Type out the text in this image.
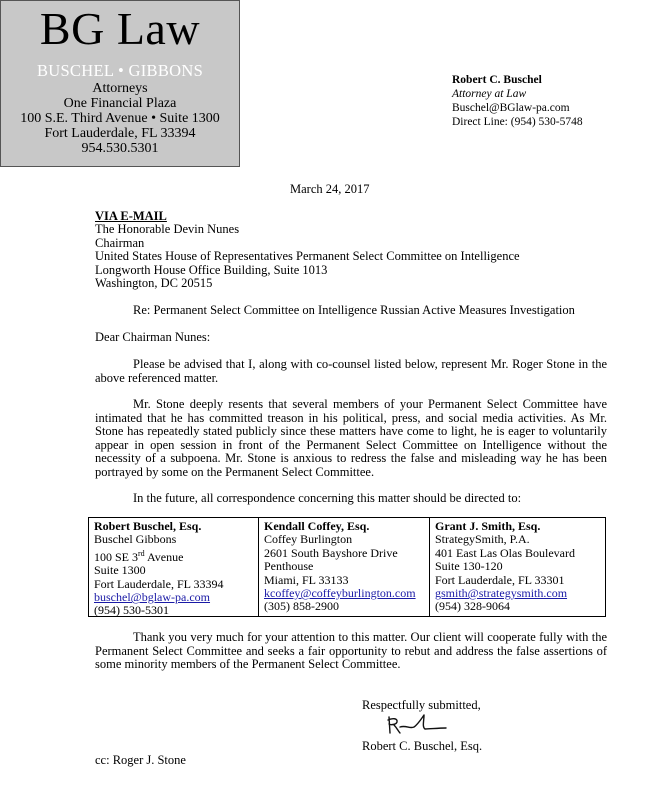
BG Law
BUSCHEL • GIBBONS
Attorneys
One Financial Plaza
100 S.E. Third Avenue • Suite 1300
Fort Lauderdale, FL 33394
954.530.5301
Robert C. Buschel
Attorney at Law
Buschel@BGlaw-pa.com
Direct Line: (954) 530-5748
March 24, 2017
VIA E-MAIL
The Honorable Devin Nunes
Chairman
United States House of Representatives Permanent Select Committee on Intelligence
Longworth House Office Building, Suite 1013
Washington, DC 20515
Re: Permanent Select Committee on Intelligence Russian Active Measures Investigation
Dear Chairman Nunes:
Please be advised that I, along with co-counsel listed below, represent Mr. Roger Stone in the above referenced matter.
Mr. Stone deeply resents that several members of your Permanent Select Committee have intimated that he has committed treason in his political, press, and social media activities. As Mr. Stone has repeatedly stated publicly since these matters have come to light, he is eager to voluntarily appear in open session in front of the Permanent Select Committee on Intelligence without the necessity of a subpoena. Mr. Stone is anxious to redress the false and misleading way he has been portrayed by some on the Permanent Select Committee.
In the future, all correspondence concerning this matter should be directed to:
Robert Buschel, Esq.
Buschel Gibbons
100 SE 3rd Avenue
Suite 1300
Fort Lauderdale, FL 33394
buschel@bglaw-pa.com
(954) 530-5301
Kendall Coffey, Esq.
Coffey Burlington
2601 South Bayshore Drive
Penthouse
Miami, FL 33133
kcoffey@coffeyburlington.com
(305) 858-2900
Grant J. Smith, Esq.
StrategySmith, P.A.
401 East Las Olas Boulevard
Suite 130-120
Fort Lauderdale, FL 33301
gsmith@strategysmith.com
(954) 328-9064
Thank you very much for your attention to this matter. Our client will cooperate fully with the Permanent Select Committee and seeks a fair opportunity to rebut and address the false assertions of some minority members of the Permanent Select Committee.
Respectfully submitted,
Robert C. Buschel, Esq.
cc: Roger J. Stone
